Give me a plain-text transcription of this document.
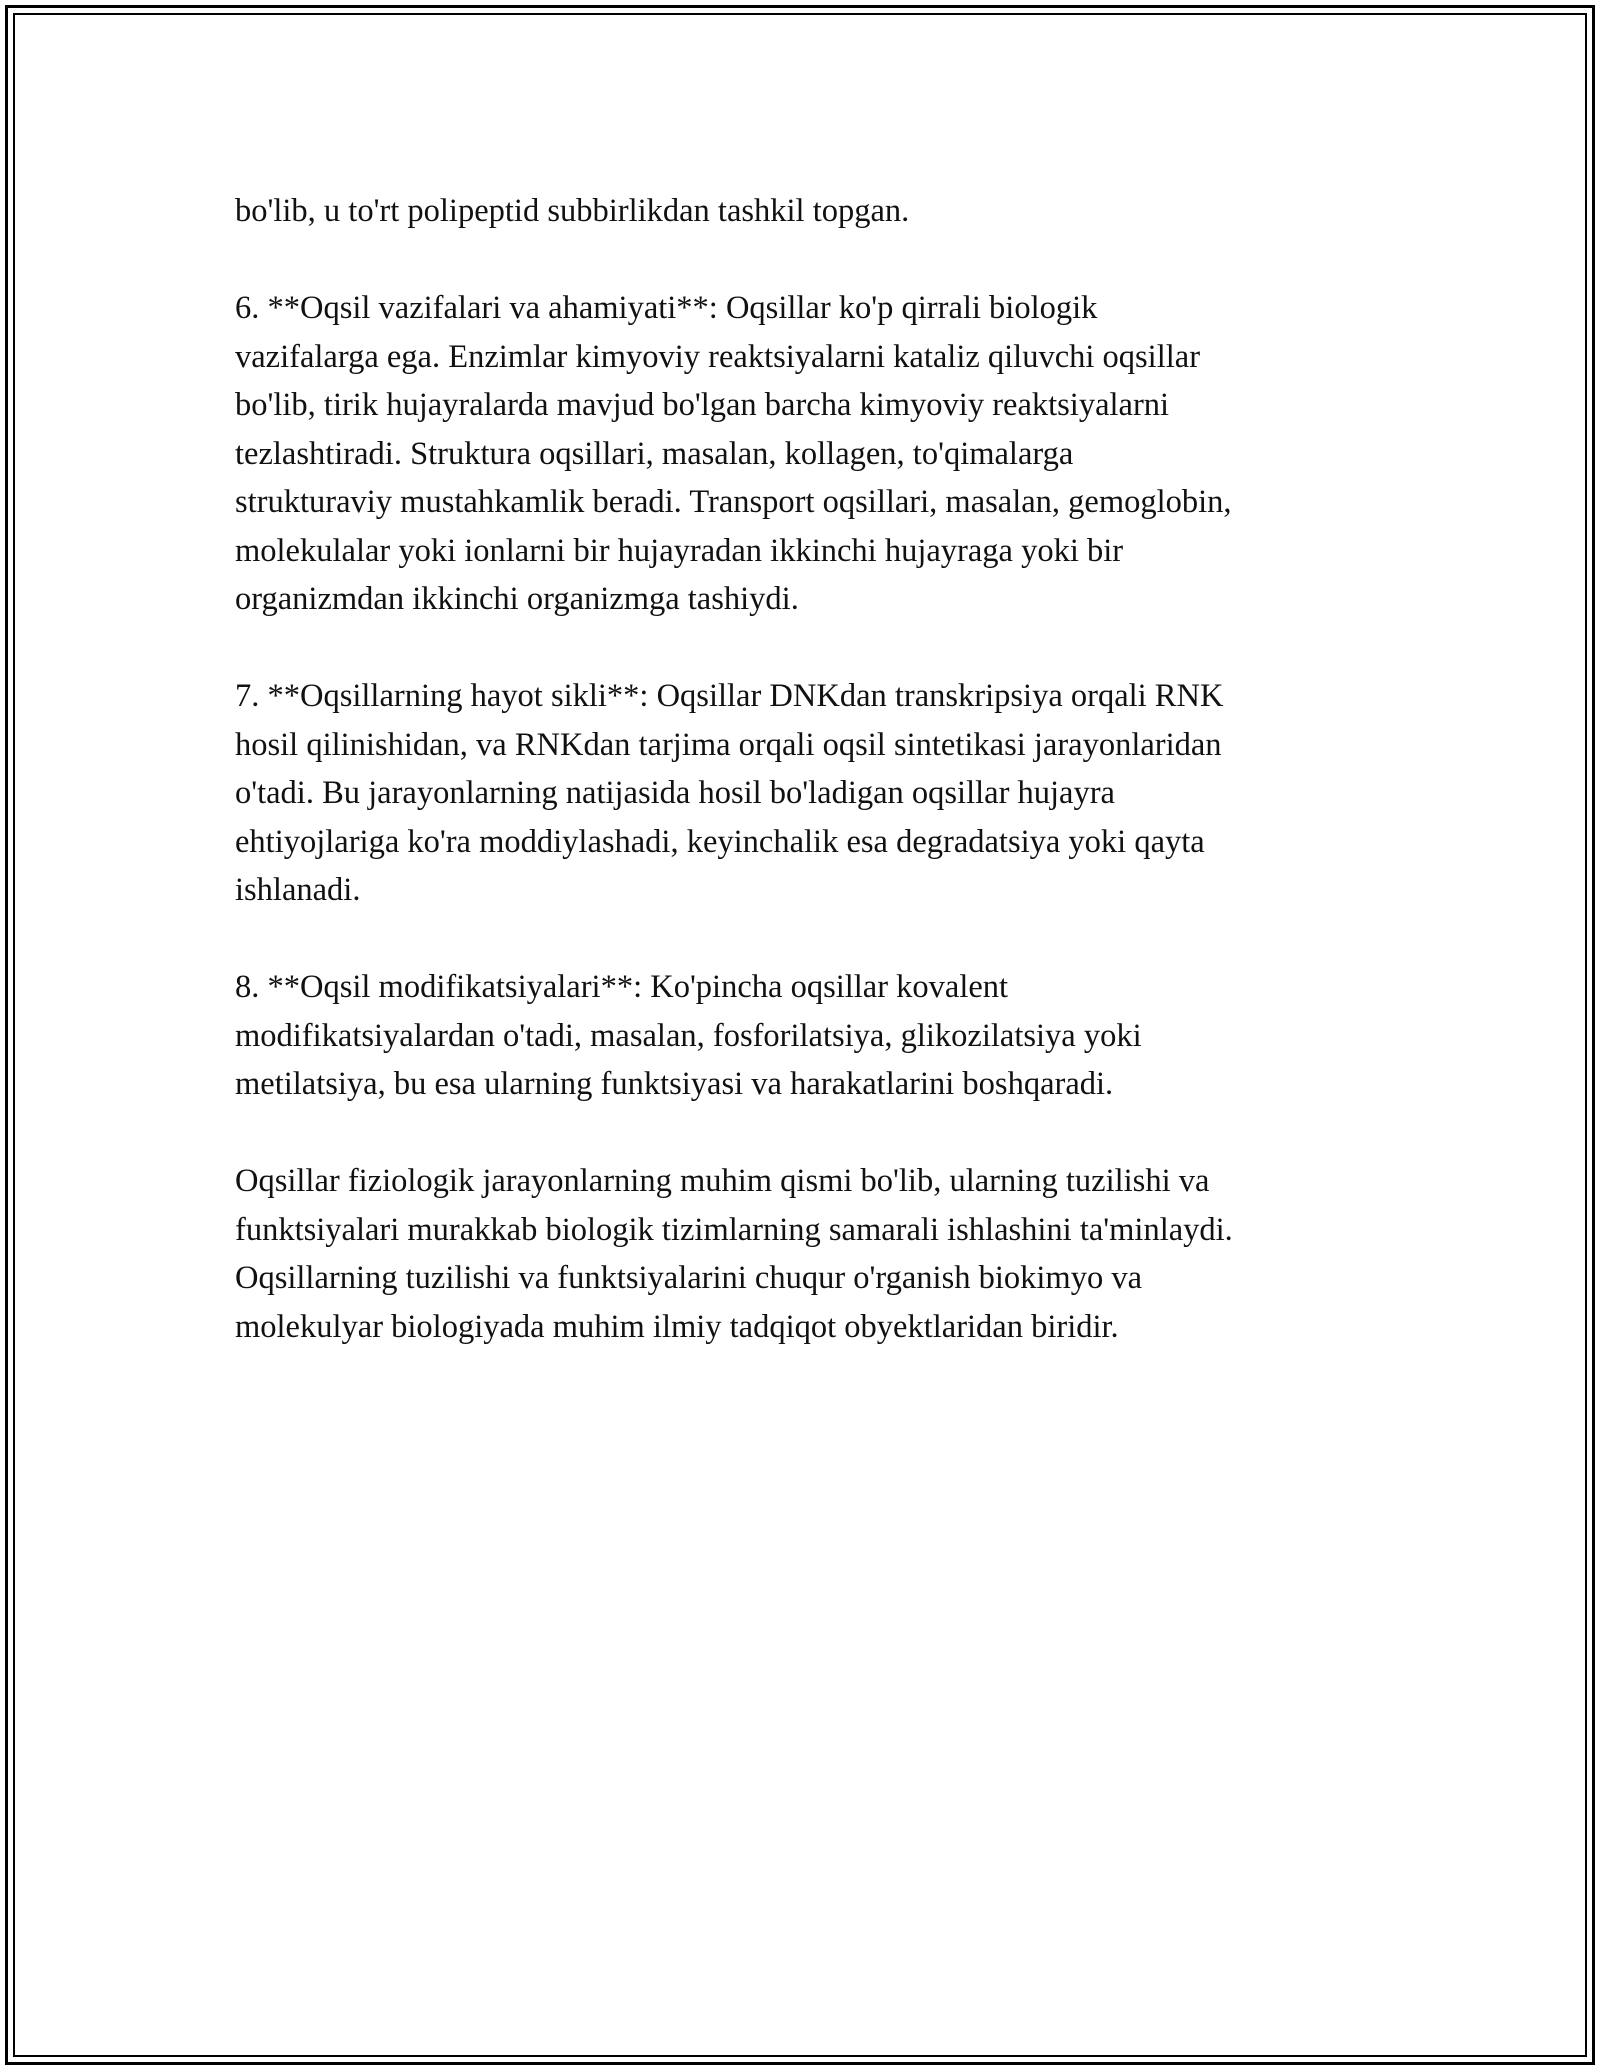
bo'lib, u to'rt polipeptid subbirlikdan tashkil topgan.

6. **Oqsil vazifalari va ahamiyati**: Oqsillar ko'p qirrali biologik
vazifalarga ega. Enzimlar kimyoviy reaktsiyalarni kataliz qiluvchi oqsillar
bo'lib, tirik hujayralarda mavjud bo'lgan barcha kimyoviy reaktsiyalarni
tezlashtiradi. Struktura oqsillari, masalan, kollagen, to'qimalarga
strukturaviy mustahkamlik beradi. Transport oqsillari, masalan, gemoglobin,
molekulalar yoki ionlarni bir hujayradan ikkinchi hujayraga yoki bir
organizmdan ikkinchi organizmga tashiydi.

7. **Oqsillarning hayot sikli**: Oqsillar DNKdan transkripsiya orqali RNK
hosil qilinishidan, va RNKdan tarjima orqali oqsil sintetikasi jarayonlaridan
o'tadi. Bu jarayonlarning natijasida hosil bo'ladigan oqsillar hujayra
ehtiyojlariga ko'ra moddiylashadi, keyinchalik esa degradatsiya yoki qayta
ishlanadi.

8. **Oqsil modifikatsiyalari**: Ko'pincha oqsillar kovalent
modifikatsiyalardan o'tadi, masalan, fosforilatsiya, glikozilatsiya yoki
metilatsiya, bu esa ularning funktsiyasi va harakatlarini boshqaradi.

Oqsillar fiziologik jarayonlarning muhim qismi bo'lib, ularning tuzilishi va
funktsiyalari murakkab biologik tizimlarning samarali ishlashini ta'minlaydi.
Oqsillarning tuzilishi va funktsiyalarini chuqur o'rganish biokimyo va
molekulyar biologiyada muhim ilmiy tadqiqot obyektlaridan biridir.
